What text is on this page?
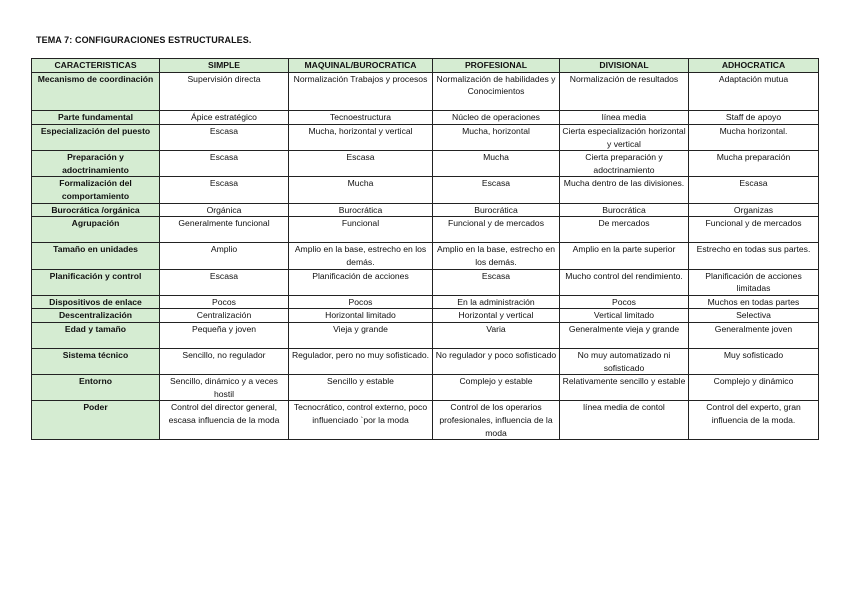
TEMA 7: CONFIGURACIONES ESTRUCTURALES.
CARACTERISTICAS	SIMPLE	MAQUINAL/BUROCRATICA	PROFESIONAL	DIVISIONAL	ADHOCRATICA
Mecanismo de coordinación	Supervisión directa	Normalización Trabajos y procesos	Normalización de habilidades y Conocimientos	Normalización de resultados	Adaptación mutua
Parte fundamental	Ápice estratégico	Tecnoestructura	Núcleo de operaciones	línea media	Staff de apoyo
Especialización del puesto	Escasa	Mucha, horizontal y vertical	Mucha, horizontal	Cierta especialización horizontal y vertical	Mucha horizontal.
Preparación y adoctrinamiento	Escasa	Escasa	Mucha	Cierta preparación y adoctrinamiento	Mucha preparación
Formalización del comportamiento	Escasa	Mucha	Escasa	Mucha dentro de las divisiones.	Escasa
Burocrática /orgánica	Orgánica	Burocrática	Burocrática	Burocrática	Organizas
Agrupación	Generalmente funcional	Funcional	Funcional y de mercados	De mercados	Funcional y de mercados
Tamaño en unidades	Amplio	Amplio en la base, estrecho en los demás.	Amplio en la base, estrecho en los demás.	Amplio en la parte superior	Estrecho en todas sus partes.
Planificación y control	Escasa	Planificación de acciones	Escasa	Mucho control del rendimiento.	Planificación de acciones limitadas
Dispositivos de enlace	Pocos	Pocos	En la administración	Pocos	Muchos en todas partes
Descentralización	Centralización	Horizontal limitado	Horizontal y vertical	Vertical limitado	Selectiva
Edad y tamaño	Pequeña y joven	Vieja y grande	Varia	Generalmente vieja y grande	Generalmente joven
Sistema técnico	Sencillo, no regulador	Regulador, pero no muy sofisticado.	No regulador y poco sofisticado	No muy automatizado ni sofisticado	Muy sofisticado
Entorno	Sencillo, dinámico y a veces hostil	Sencillo y estable	Complejo y estable	Relativamente sencillo y estable	Complejo y dinámico
Poder	Control del director general, escasa influencia de la moda	Tecnocrático, control externo, poco influenciado `por la moda	Control de los operarios profesionales, influencia de la moda	línea media de contol	Control del experto, gran influencia de la moda.
